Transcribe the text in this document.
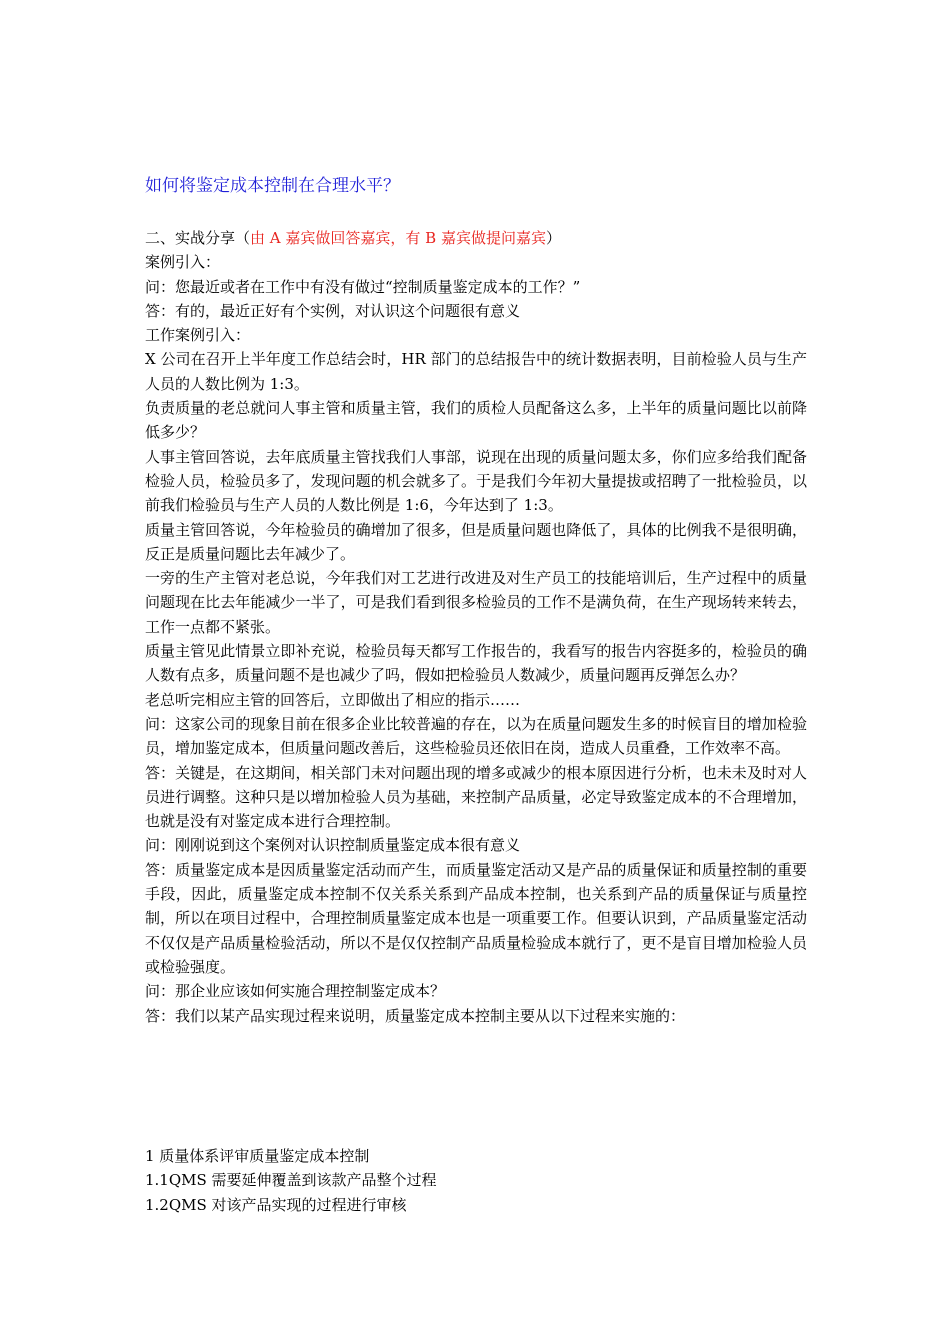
如何将鉴定成本控制在合理水平？

二、实战分享（由 A 嘉宾做回答嘉宾，有 B 嘉宾做提问嘉宾）

案例引入：

问：您最近或者在工作中有没有做过“控制质量鉴定成本的工作？”

答：有的，最近正好有个实例，对认识这个问题很有意义

工作案例引入：

X 公司在召开上半年度工作总结会时，HR 部门的总结报告中的统计数据表明，目前检验人员与生产人员的人数比例为 1:3。

负责质量的老总就问人事主管和质量主管，我们的质检人员配备这么多，上半年的质量问题比以前降低多少？

人事主管回答说，去年底质量主管找我们人事部，说现在出现的质量问题太多，你们应多给我们配备检验人员，检验员多了，发现问题的机会就多了。于是我们今年初大量提拔或招聘了一批检验员，以前我们检验员与生产人员的人数比例是 1:6，今年达到了 1:3。

质量主管回答说，今年检验员的确增加了很多，但是质量问题也降低了，具体的比例我不是很明确，反正是质量问题比去年减少了。

一旁的生产主管对老总说，今年我们对工艺进行改进及对生产员工的技能培训后，生产过程中的质量问题现在比去年能减少一半了，可是我们看到很多检验员的工作不是满负荷，在生产现场转来转去，工作一点都不紧张。

质量主管见此情景立即补充说，检验员每天都写工作报告的，我看写的报告内容挺多的，检验员的确人数有点多，质量问题不是也减少了吗，假如把检验员人数减少，质量问题再反弹怎么办？

老总听完相应主管的回答后，立即做出了相应的指示……

问：这家公司的现象目前在很多企业比较普遍的存在，以为在质量问题发生多的时候盲目的增加检验员，增加鉴定成本，但质量问题改善后，这些检验员还依旧在岗，造成人员重叠，工作效率不高。

答：关键是，在这期间，相关部门未对问题出现的增多或减少的根本原因进行分析，也未未及时对人员进行调整。这种只是以增加检验人员为基础，来控制产品质量，必定导致鉴定成本的不合理增加，也就是没有对鉴定成本进行合理控制。

问：刚刚说到这个案例对认识控制质量鉴定成本很有意义

答：质量鉴定成本是因质量鉴定活动而产生，而质量鉴定活动又是产品的质量保证和质量控制的重要手段，因此，质量鉴定成本控制不仅关系关系到产品成本控制，也关系到产品的质量保证与质量控制，所以在项目过程中，合理控制质量鉴定成本也是一项重要工作。但要认识到，产品质量鉴定活动不仅仅是产品质量检验活动，所以不是仅仅控制产品质量检验成本就行了，更不是盲目增加检验人员或检验强度。

问：那企业应该如何实施合理控制鉴定成本？

答：我们以某产品实现过程来说明，质量鉴定成本控制主要从以下过程来实施的：

1 质量体系评审质量鉴定成本控制

1.1QMS 需要延伸覆盖到该款产品整个过程

1.2QMS 对该产品实现的过程进行审核
